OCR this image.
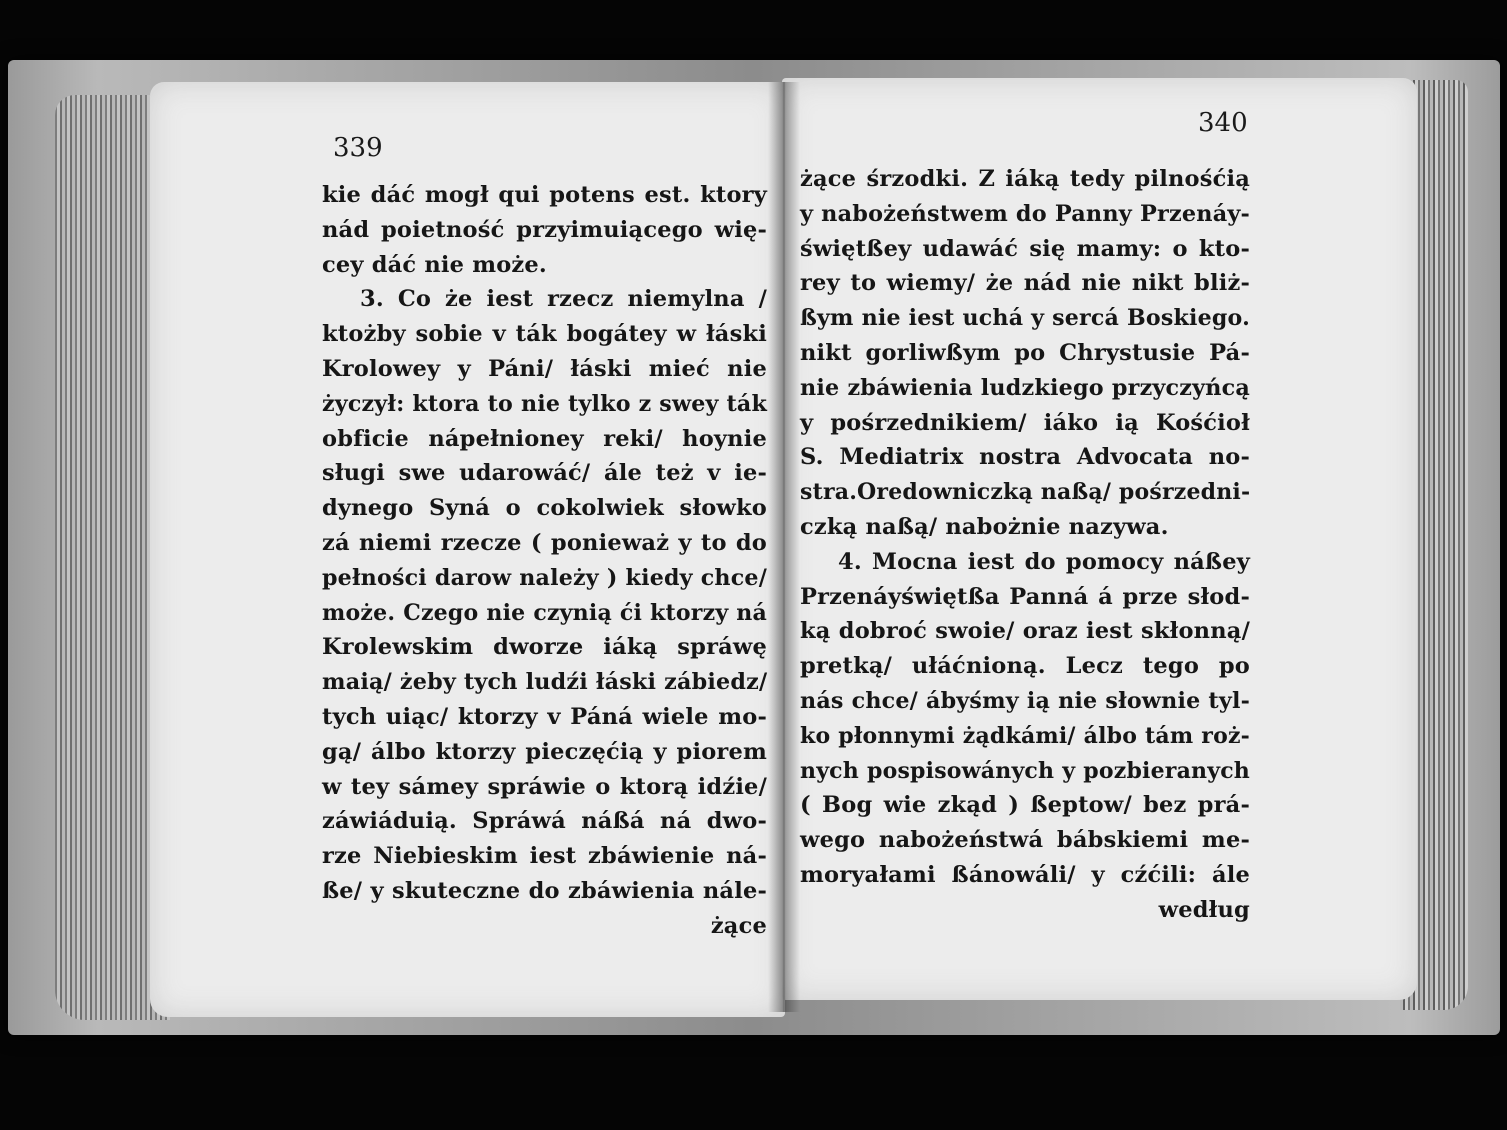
339
340
kie dáć mogł qui potens est. ktory
nád poietność przyimuiącego wię-
cey dáć nie może.
3. Co że iest rzecz niemylna /
ktożby sobie v ták bogátey w łáski
Krolowey y Páni/ łáski mieć nie
życzył: ktora to nie tylko z swey ták
obficie nápełnioney reki/ hoynie
sługi swe udarowáć/ ále też v ie-
dynego Syná o cokolwiek słowko
zá niemi rzecze ( ponieważ y to do
pełności darow należy ) kiedy chce/
może. Czego nie czynią ći ktorzy ná
Krolewskim dworze iáką spráwę
maią/ żeby tych ludźi łáski zábiedz/
tych uiąc/ ktorzy v Páná wiele mo-
gą/ álbo ktorzy pieczęćią y piorem
w tey sámey spráwie o ktorą idźie/
záwiáduią. Spráwá náßá ná dwo-
rze Niebieskim iest zbáwienie ná-
ße/ y skuteczne do zbáwienia nále-
żące
żące śrzodki. Z iáką tedy pilnośćią
y nabożeństwem do Panny Przenáy-
świętßey udawáć się mamy: o kto-
rey to wiemy/ że nád nie nikt bliż-
ßym nie iest uchá y sercá Boskiego.
nikt gorliwßym po Chrystusie Pá-
nie zbáwienia ludzkiego przyczyńcą
y pośrzednikiem/ iáko ią Kośćioł
S. Mediatrix nostra Advocata no-
stra.Oredowniczką naßą/ pośrzedni-
czką naßą/ nabożnie nazywa.
4. Mocna iest do pomocy náßey
Przenáyświętßa Panná á prze słod-
ką dobroć swoie/ oraz iest skłonną/
pretką/ ułáćnioną. Lecz tego po
nás chce/ ábyśmy ią nie słownie tyl-
ko płonnymi żądkámi/ álbo tám roż-
nych pospisowánych y pozbieranych
( Bog wie zkąd ) ßeptow/ bez prá-
wego nabożeństwá bábskiemi me-
moryałami ßánowáli/ y cźćili: ále
według
